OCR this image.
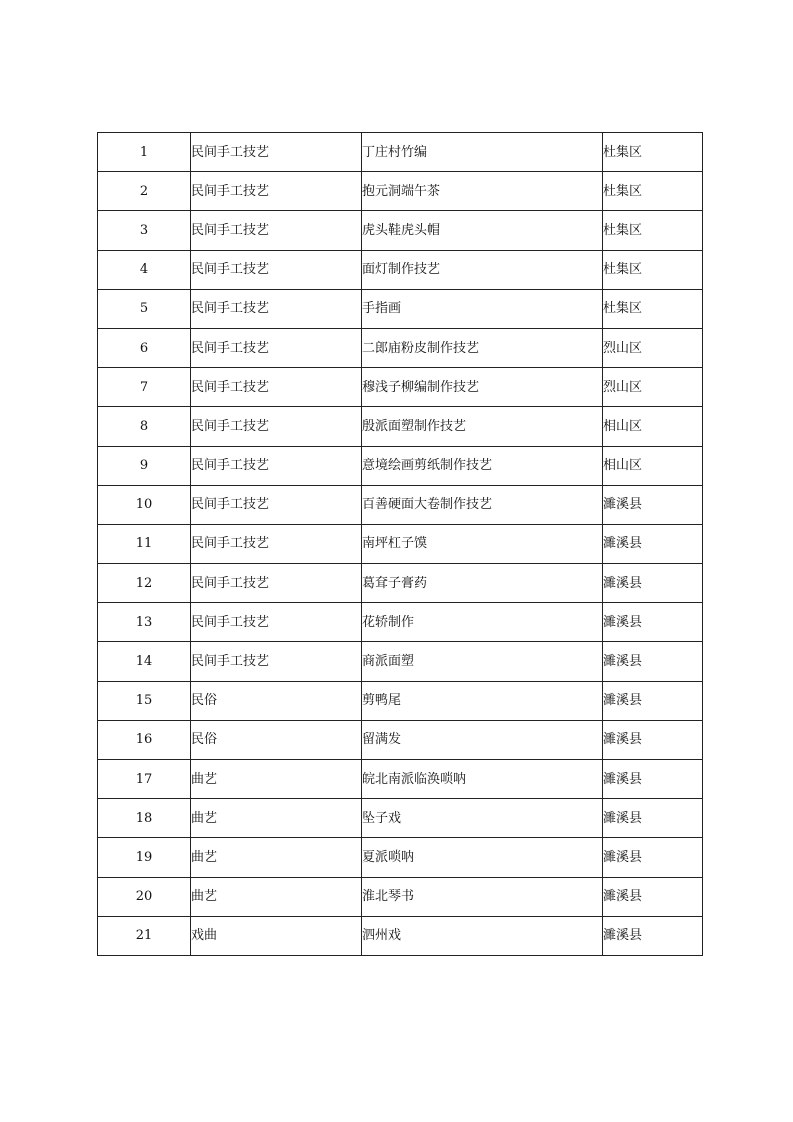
1	民间手工技艺	丁庄村竹编	杜集区
2	民间手工技艺	抱元洞端午茶	杜集区
3	民间手工技艺	虎头鞋虎头帽	杜集区
4	民间手工技艺	面灯制作技艺	杜集区
5	民间手工技艺	手指画	杜集区
6	民间手工技艺	二郎庙粉皮制作技艺	烈山区
7	民间手工技艺	穆浅子柳编制作技艺	烈山区
8	民间手工技艺	殷派面塑制作技艺	相山区
9	民间手工技艺	意境绘画剪纸制作技艺	相山区
10	民间手工技艺	百善硬面大卷制作技艺	濉溪县
11	民间手工技艺	南坪杠子馍	濉溪县
12	民间手工技艺	葛耷子膏药	濉溪县
13	民间手工技艺	花轿制作	濉溪县
14	民间手工技艺	商派面塑	濉溪县
15	民俗	剪鸭尾	濉溪县
16	民俗	留满发	濉溪县
17	曲艺	皖北南派临涣唢呐	濉溪县
18	曲艺	坠子戏	濉溪县
19	曲艺	夏派唢呐	濉溪县
20	曲艺	淮北琴书	濉溪县
21	戏曲	泗州戏	濉溪县
